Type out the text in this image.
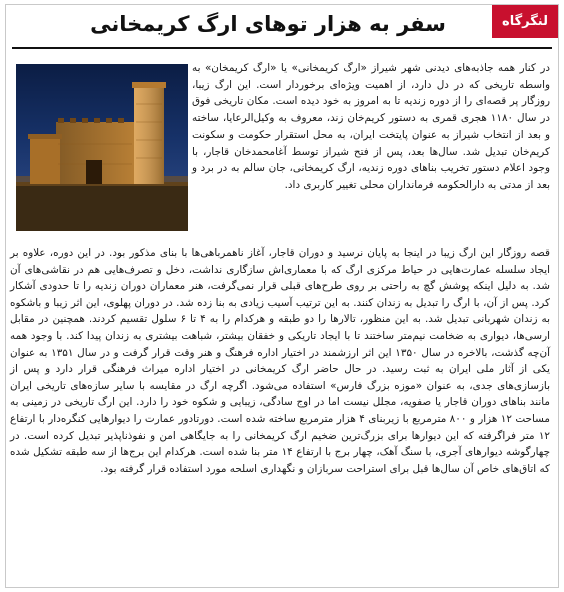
لنگرگاه
سفر به هزار توهای ارگ کریمخانی

در کنار همه جاذبه‌های دیدنی شهر شیراز «ارگ کریمخانی» یا «ارگ کریمخان» به واسطه تاریخی که در دل دارد، از اهمیت ویژه‌ای برخوردار است. این ارگ زیبا، روزگار پر قصه‌ای را از دوره زندیه تا به امروز به خود دیده است. مکان تاریخی فوق در سال ۱۱۸۰ هجری قمری به دستور کریم‌خان زند، معروف به وکیل‌الرعایا، ساخته و بعد از انتخاب شیراز به عنوان پایتخت ایران، به محل استقرار حکومت و سکونت کریم‌خان تبدیل شد. سال‌ها بعد، پس از فتح شیراز توسط آغامحمدخان قاجار، با وجود اعلام دستور تخریب بناهای دوره زندیه، ارگ کریمخانی، جان سالم به در برد و بعد از مدتی به دارالحکومه فرمانداران محلی تغییر کاربری داد.

قصه روزگار این ارگ زیبا در اینجا به پایان نرسید و دوران قاجار، آغاز ناهمرباهی‌ها با بنای مذکور بود. در این دوره، علاوه بر ایجاد سلسله عمارت‌هایی در حیاط مرکزی ارگ که با معماری‌اش سازگاری نداشت، دخل و تصرف‌هایی هم در نقاشی‌های آن شد. به دلیل اینکه پوشش گچ به راحتی بر روی طرح‌های قبلی قرار نمی‌گرفت، هنر معماران دوران زندیه را تا حدودی آشکار کرد. پس از آن، با ارگ را تبدیل به زندان کنند. به این ترتیب آسیب زیادی به بنا زده شد. در دوران پهلوی، این اثر زیبا و باشکوه به زندان شهربانی تبدیل شد. به این منظور، تالارها را دو طبقه و هرکدام را به ۴ تا ۶ سلول تقسیم کردند. همچنین در مقابل ارسی‌ها، دیواری به ضخامت نیم‌متر ساختند تا با ایجاد تاریکی و خفقان بیشتر، شباهت بیشتری به زندان پیدا کند. با وجود همه آن‌چه گذشت، بالاخره در سال ۱۳۵۰ این اثر ارزشمند در اختیار اداره فرهنگ و هنر وقت قرار گرفت و در سال ۱۳۵۱ به عنوان یکی از آثار ملی ایران به ثبت رسید. در حال حاضر ارگ کریمخانی در اختیار اداره میراث فرهنگی قرار دارد و پس از بازسازی‌های جدی، به عنوان «موزه بزرگ فارس» استفاده می‌شود. اگرچه ارگ در مقایسه با سایر سازه‌های تاریخی ایران مانند بناهای دوران قاجار یا صفویه، مجلل نیست اما در اوج سادگی، زیبایی و شکوه خود را دارد. این ارگ تاریخی در زمینی به مساحت ۱۲ هزار و ۸۰۰ مترمربع با زیربنای ۴ هزار مترمربع ساخته شده است. دورتادور عمارت را دیوارهایی کنگره‌دار با ارتفاع ۱۲ متر فراگرفته که این دیوارها برای بزرگ‌ترین ضخیم ارگ کریمخانی را به جایگاهی امن و نفوذناپذیر تبدیل کرده است. در چهارگوشه دیوارهای آجری، با سنگ آهک، چهار برج با ارتفاع ۱۴ متر بنا شده است. هرکدام این برج‌ها از سه طبقه تشکیل شده که اتاق‌های خاص آن سال‌ها قبل برای استراحت سربازان و نگهداری اسلحه مورد استفاده قرار گرفته بود.
